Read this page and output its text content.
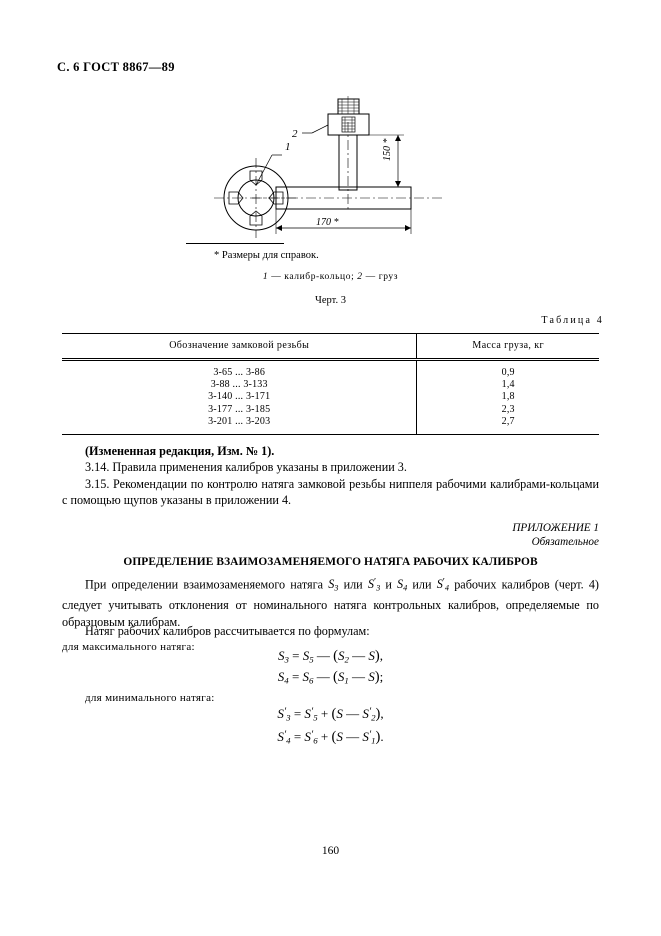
С. 6 ГОСТ 8867—89
1
2
150 *
170 *
* Размеры для справок.
1 — калибр-кольцо; 2 — груз
Черт. 3
Таблица 4
Обозначение замковой резьбы	Масса груза, кг
3-65 ... 3-86	0,9
3-88 ... 3-133	1,4
3-140 ... 3-171	1,8
3-177 ... 3-185	2,3
3-201 ... 3-203	2,7

(Измененная редакция, Изм. № 1).

3.14. Правила применения калибров указаны в приложении 3.

3.15. Рекомендации по контролю натяга замковой резьбы ниппеля рабочими калибрами-кольцами с помощью щупов указаны в приложении 4.

ПРИЛОЖЕНИЕ 1
Обязательное
ОПРЕДЕЛЕНИЕ ВЗАИМОЗАМЕНЯЕМОГО НАТЯГА РАБОЧИХ КАЛИБРОВ

При определении взаимозаменяемого натяга $S_3$ или $S'_3$ и $S_4$ или $S'_4$ рабочих калибров (черт. 4) следует учитывать отклонения от номинального натяга контрольных калибров, определяемые по образцовым калибрам.

Натяг рабочих калибров рассчитывается по формулам:

для максимального натяга:

$S_3 = S_5$ — ($S_2$ — S),
$S_4 = S_6$ — ($S_1$ — S);
для минимального натяга:
$S'_3 = S'_5 + (S$ — $S'_2$),
$S'_4 = S'_6 + (S$ — $S'_1$).
160
